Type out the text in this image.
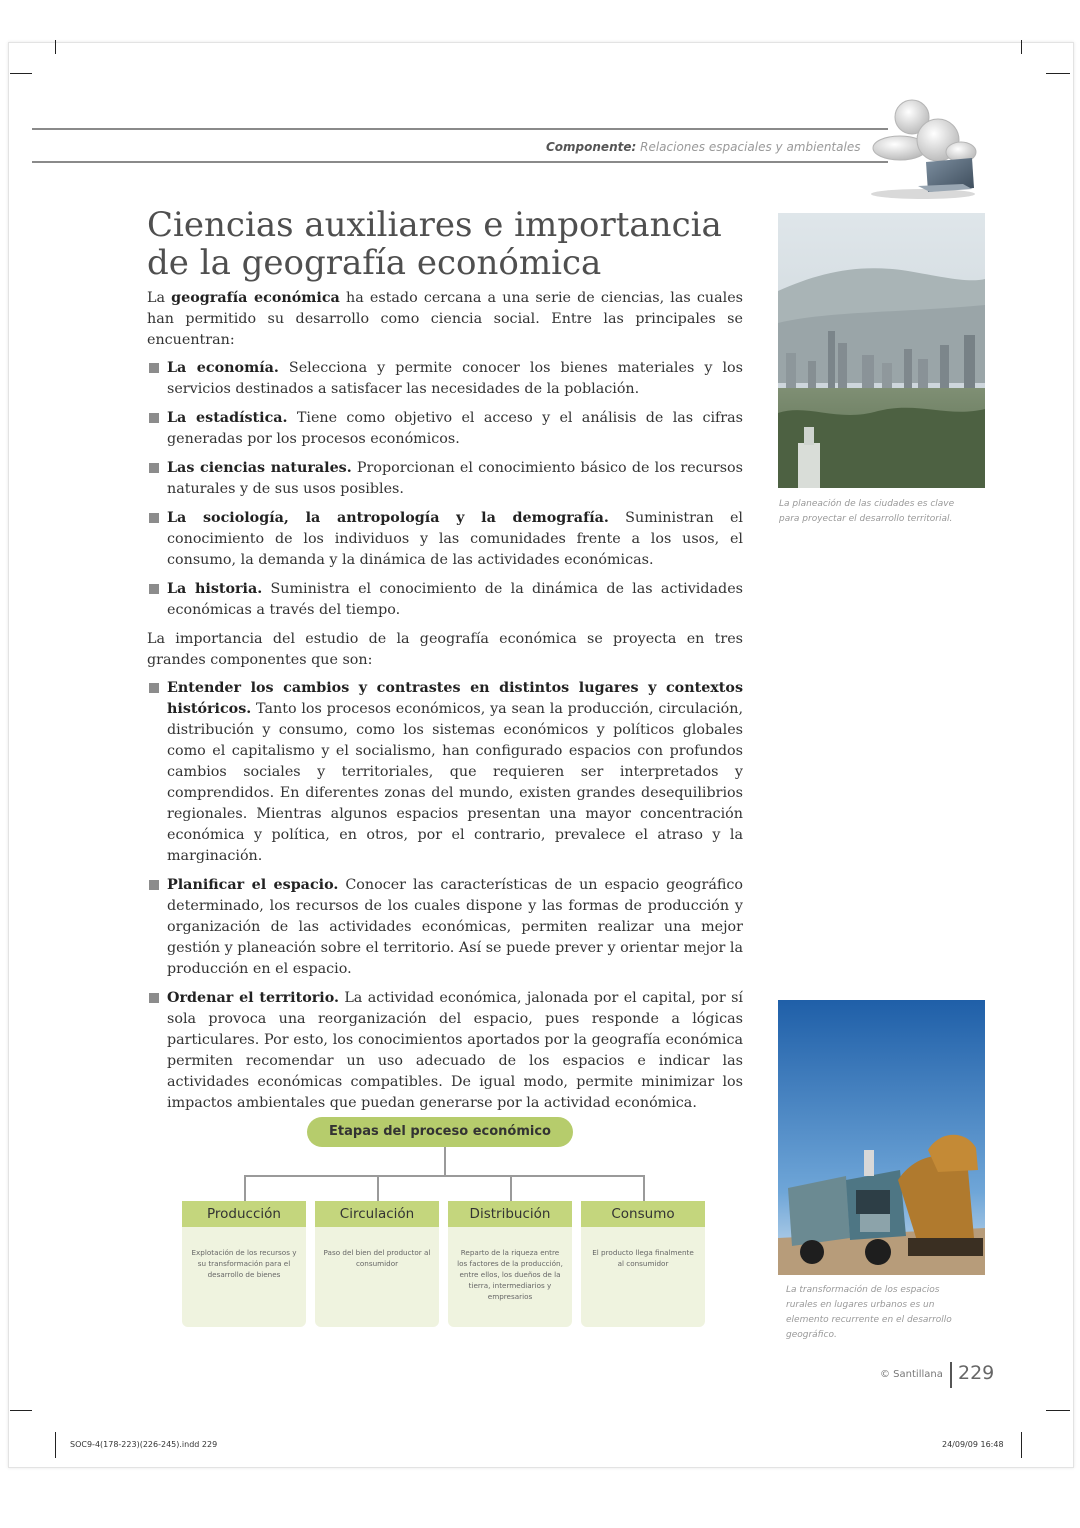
Componente: Relaciones espaciales y ambientales
Ciencias auxiliares e importancia
de la geografía económica

La geografía económica ha estado cercana a una serie de ciencias, las cuales han permitido su desarrollo como ciencia social. Entre las principales se encuentran:

La economía. Selecciona y permite conocer los bienes materiales y los servicios destinados a satisfacer las necesidades de la población.
La estadística. Tiene como objetivo el acceso y el análisis de las cifras generadas por los procesos económicos.
Las ciencias naturales. Proporcionan el conocimiento básico de los recursos naturales y de sus usos posibles.
La sociología, la antropología y la demografía. Suministran el conocimiento de los individuos y las comunidades frente a los usos, el consumo, la demanda y la dinámica de las actividades económicas.
La historia. Suministra el conocimiento de la dinámica de las actividades económicas a través del tiempo.

La importancia del estudio de la geografía económica se proyecta en tres grandes componentes que son:

Entender los cambios y contrastes en distintos lugares y contextos históricos. Tanto los procesos económicos, ya sean la producción, circulación, distribución y consumo, como los sistemas económicos y políticos globales como el capitalismo y el socialismo, han configurado espacios con profundos cambios sociales y territoriales, que requieren ser interpretados y comprendidos. En diferentes zonas del mundo, existen grandes desequilibrios regionales. Mientras algunos espacios presentan una mayor concentración económica y política, en otros, por el contrario, prevalece el atraso y la marginación.
Planificar el espacio. Conocer las características de un espacio geográfico determinado, los recursos de los cuales dispone y las formas de producción y organización de las actividades económicas, permiten realizar una mejor gestión y planeación sobre el territorio. Así se puede prever y orientar mejor la producción en el espacio.
Ordenar el territorio. La actividad económica, jalonada por el capital, por sí sola provoca una reorganización del espacio, pues responde a lógicas particulares. Por esto, los conocimientos aportados por la geografía económica permiten recomendar un uso adecuado de los espacios e indicar las actividades económicas compatibles. De igual modo, permite minimizar los impactos ambientales que puedan generarse por la actividad económica.
La planeación de las ciudades es clave para proyectar el desarrollo territorial.
La transformación de los espacios rurales en lugares urbanos es un elemento recurrente en el desarrollo geográfico.
Etapas del proceso económico
Producción
Explotación de los recursos y su transformación para el desarrollo de bienes
Circulación
Paso del bien del productor al consumidor
Distribución
Reparto de la riqueza entre los factores de la producción, entre ellos, los dueños de la tierra, intermediarios y empresarios
Consumo
El producto llega finalmente al consumidor
© Santillana 229
SOC9-4(178-223)(226-245).indd 229	24/09/09 16:48
